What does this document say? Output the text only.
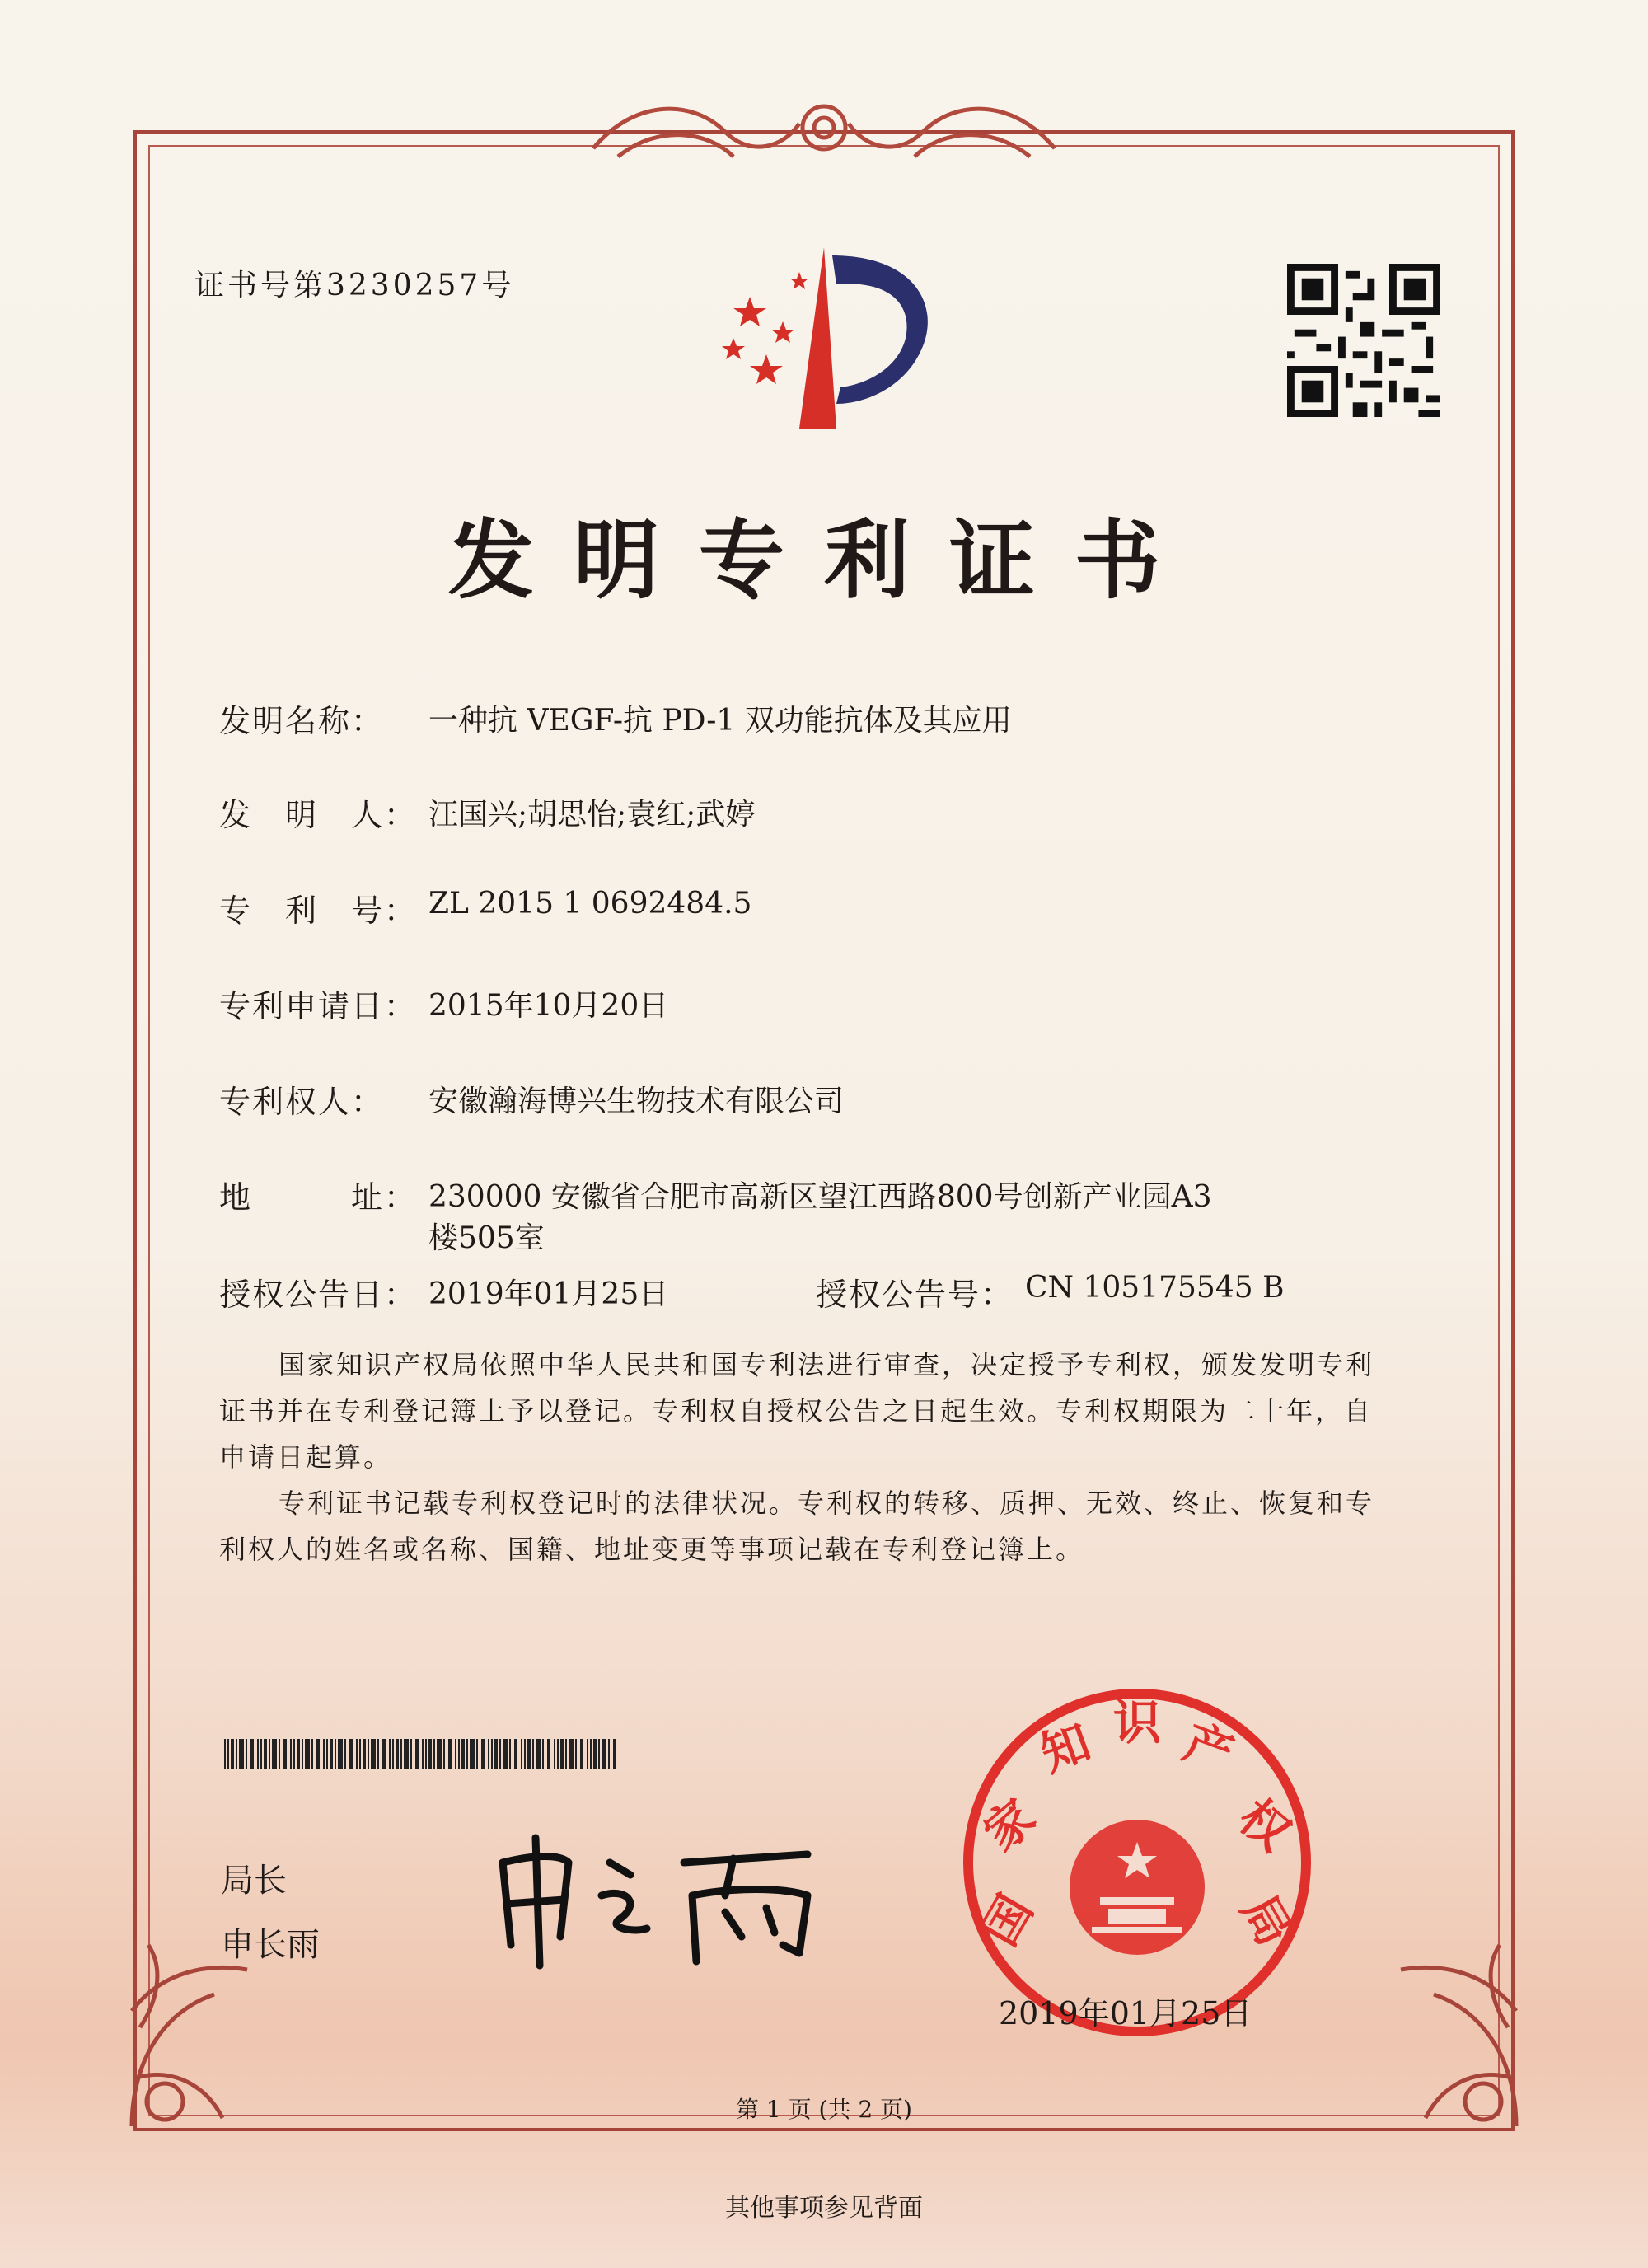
证书号第3230257号
发明专利证书
发明名称： 一种抗 VEGF-抗 PD-1 双功能抗体及其应用
发　明　人： 汪国兴;胡思怡;袁红;武婷
专　利　号： ZL 2015 1 0692484.5
专利申请日： 2015年10月20日
专利权人： 安徽瀚海博兴生物技术有限公司
地　　　址： 230000 安徽省合肥市高新区望江西路800号创新产业园A3
楼505室
授权公告日： 2019年01月25日	授权公告号： CN 105175545 B
国家知识产权局依照中华人民共和国专利法进行审查，决定授予专利权，颁发发明专利
证书并在专利登记簿上予以登记。专利权自授权公告之日起生效。专利权期限为二十年，自
申请日起算。
专利证书记载专利权登记时的法律状况。专利权的转移、质押、无效、终止、恢复和专
利权人的姓名或名称、国籍、地址变更等事项记载在专利登记簿上。
局长
申长雨	国
家
知 识 产
权
局
2019年01月25日
第 1 页 (共 2 页)
其他事项参见背面
